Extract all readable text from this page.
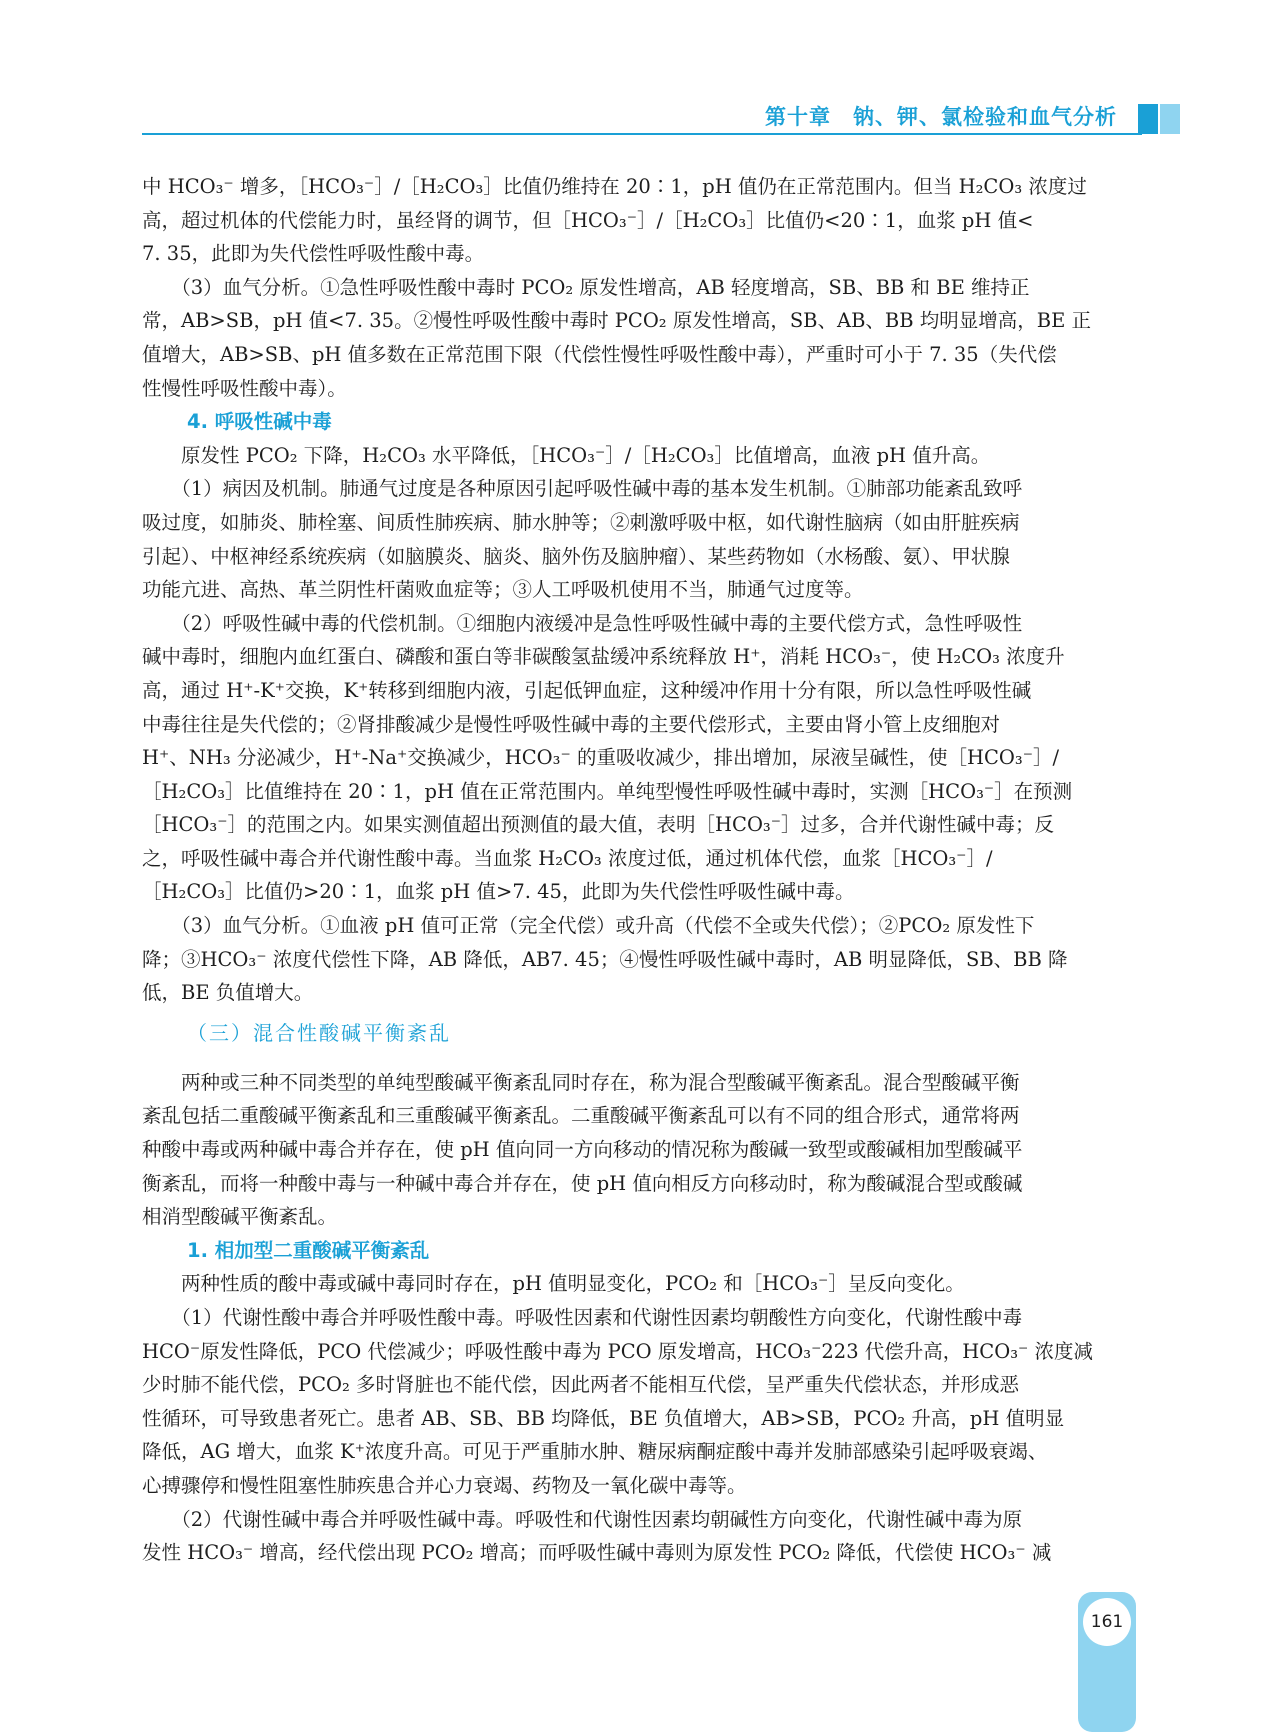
第十章　钠、钾、氯检验和血气分析
中 HCO₃⁻ 增多，［HCO₃⁻］/［H₂CO₃］比值仍维持在 20∶1，pH 值仍在正常范围内。但当 H₂CO₃ 浓度过
高，超过机体的代偿能力时，虽经肾的调节，但［HCO₃⁻］/［H₂CO₃］比值仍<20∶1，血浆 pH 值<
7. 35，此即为失代偿性呼吸性酸中毒。
　　（3）血气分析。①急性呼吸性酸中毒时 PCO₂ 原发性增高，AB 轻度增高，SB、BB 和 BE 维持正
常，AB>SB，pH 值<7. 35。②慢性呼吸性酸中毒时 PCO₂ 原发性增高，SB、AB、BB 均明显增高，BE 正
值增大，AB>SB、pH 值多数在正常范围下限（代偿性慢性呼吸性酸中毒），严重时可小于 7. 35（失代偿
性慢性呼吸性酸中毒）。
4. 呼吸性碱中毒
　　原发性 PCO₂ 下降，H₂CO₃ 水平降低，［HCO₃⁻］/［H₂CO₃］比值增高，血液 pH 值升高。
　　（1）病因及机制。肺通气过度是各种原因引起呼吸性碱中毒的基本发生机制。①肺部功能紊乱致呼
吸过度，如肺炎、肺栓塞、间质性肺疾病、肺水肿等；②刺激呼吸中枢，如代谢性脑病（如由肝脏疾病
引起）、中枢神经系统疾病（如脑膜炎、脑炎、脑外伤及脑肿瘤）、某些药物如（水杨酸、氨）、甲状腺
功能亢进、高热、革兰阴性杆菌败血症等；③人工呼吸机使用不当，肺通气过度等。
　　（2）呼吸性碱中毒的代偿机制。①细胞内液缓冲是急性呼吸性碱中毒的主要代偿方式，急性呼吸性
碱中毒时，细胞内血红蛋白、磷酸和蛋白等非碳酸氢盐缓冲系统释放 H⁺，消耗 HCO₃⁻，使 H₂CO₃ 浓度升
高，通过 H⁺-K⁺交换，K⁺转移到细胞内液，引起低钾血症，这种缓冲作用十分有限，所以急性呼吸性碱
中毒往往是失代偿的；②肾排酸减少是慢性呼吸性碱中毒的主要代偿形式，主要由肾小管上皮细胞对
H⁺、NH₃ 分泌减少，H⁺-Na⁺交换减少，HCO₃⁻ 的重吸收减少，排出增加，尿液呈碱性，使［HCO₃⁻］/
［H₂CO₃］比值维持在 20∶1，pH 值在正常范围内。单纯型慢性呼吸性碱中毒时，实测［HCO₃⁻］在预测
［HCO₃⁻］的范围之内。如果实测值超出预测值的最大值，表明［HCO₃⁻］过多，合并代谢性碱中毒；反
之，呼吸性碱中毒合并代谢性酸中毒。当血浆 H₂CO₃ 浓度过低，通过机体代偿，血浆［HCO₃⁻］/
［H₂CO₃］比值仍>20∶1，血浆 pH 值>7. 45，此即为失代偿性呼吸性碱中毒。
　　（3）血气分析。①血液 pH 值可正常（完全代偿）或升高（代偿不全或失代偿）；②PCO₂ 原发性下
降；③HCO₃⁻ 浓度代偿性下降，AB 降低，AB7. 45；④慢性呼吸性碱中毒时，AB 明显降低，SB、BB 降
低，BE 负值增大。
（三）混合性酸碱平衡紊乱
　　两种或三种不同类型的单纯型酸碱平衡紊乱同时存在，称为混合型酸碱平衡紊乱。混合型酸碱平衡
紊乱包括二重酸碱平衡紊乱和三重酸碱平衡紊乱。二重酸碱平衡紊乱可以有不同的组合形式，通常将两
种酸中毒或两种碱中毒合并存在，使 pH 值向同一方向移动的情况称为酸碱一致型或酸碱相加型酸碱平
衡紊乱，而将一种酸中毒与一种碱中毒合并存在，使 pH 值向相反方向移动时，称为酸碱混合型或酸碱
相消型酸碱平衡紊乱。
1. 相加型二重酸碱平衡紊乱
　　两种性质的酸中毒或碱中毒同时存在，pH 值明显变化，PCO₂ 和［HCO₃⁻］呈反向变化。
　　（1）代谢性酸中毒合并呼吸性酸中毒。呼吸性因素和代谢性因素均朝酸性方向变化，代谢性酸中毒
HCO⁻原发性降低，PCO 代偿减少；呼吸性酸中毒为 PCO 原发增高，HCO₃⁻223 代偿升高，HCO₃⁻ 浓度减
少时肺不能代偿，PCO₂ 多时肾脏也不能代偿，因此两者不能相互代偿，呈严重失代偿状态，并形成恶
性循环，可导致患者死亡。患者 AB、SB、BB 均降低，BE 负值增大，AB>SB，PCO₂ 升高，pH 值明显
降低，AG 增大，血浆 K⁺浓度升高。可见于严重肺水肿、糖尿病酮症酸中毒并发肺部感染引起呼吸衰竭、
心搏骤停和慢性阻塞性肺疾患合并心力衰竭、药物及一氧化碳中毒等。
　　（2）代谢性碱中毒合并呼吸性碱中毒。呼吸性和代谢性因素均朝碱性方向变化，代谢性碱中毒为原
发性 HCO₃⁻ 增高，经代偿出现 PCO₂ 增高；而呼吸性碱中毒则为原发性 PCO₂ 降低，代偿使 HCO₃⁻ 减
161
